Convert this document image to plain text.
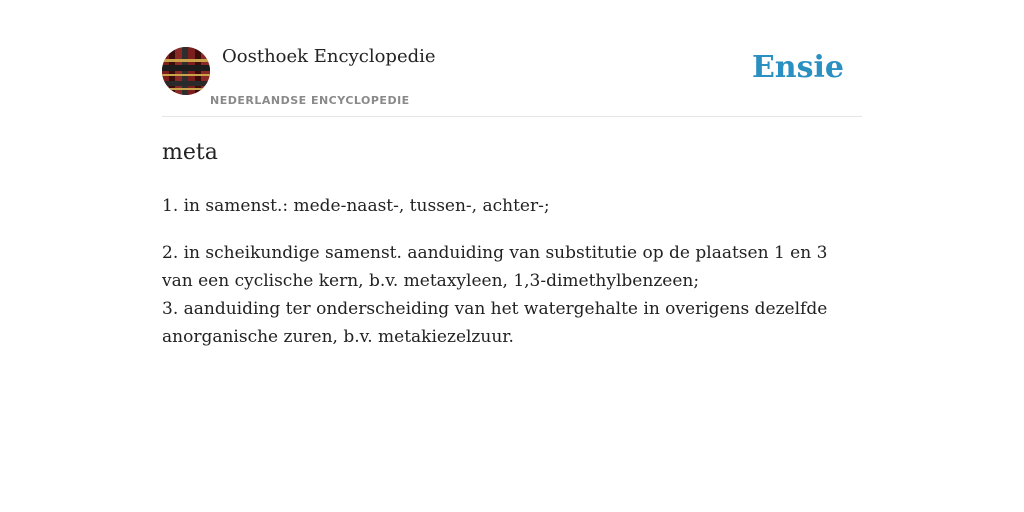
Oosthoek Encyclopedie
NEDERLANDSE ENCYCLOPEDIE
Ensie
meta

1. in samenst.: mede-naast-, tussen-, achter-;

2. in scheikundige samenst. aanduiding van substitutie op de plaatsen 1 en 3 van een cyclische kern, b.v. metaxyleen, 1,3-dimethylbenzeen;
3. aanduiding ter onderscheiding van het watergehalte in overigens dezelfde anorganische zuren, b.v. metakiezelzuur.
